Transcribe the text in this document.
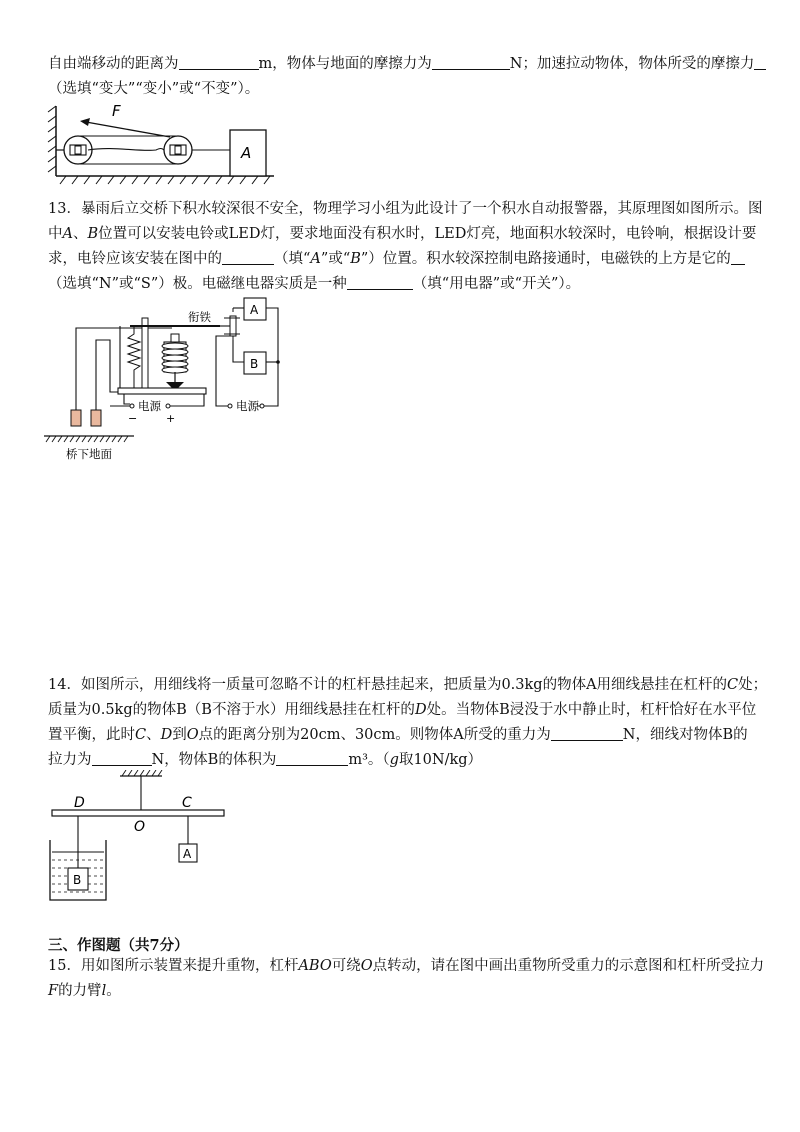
自由端移动的距离为	m，物体与地面的摩擦力为	N；加速拉动物体，物体所受的摩擦力
（选填“变大”“变小”或“不变”）。
F
A
13．暴雨后立交桥下积水较深很不安全，物理学习小组为此设计了一个积水自动报警器，其原理图如图所示。图
中A、B位置可以安装电铃或LED灯，要求地面没有积水时，LED灯亮，地面积水较深时，电铃响，根据设计要
求，电铃应该安装在图中的	（填“A”或“B”）位置。积水较深控制电路接通时，电磁铁的上方是它的
（选填“N”或“S”）极。电磁继电器实质是一种	（填“用电器”或“开关”）。
桥下地面
衔铁	A
B
电源
−	+
电源
14．如图所示，用细线将一质量可忽略不计的杠杆悬挂起来，把质量为0.3kg的物体A用细线悬挂在杠杆的C处；
质量为0.5kg的物体B（B不溶于水）用细线悬挂在杠杆的D处。当物体B浸没于水中静止时，杠杆恰好在水平位
置平衡，此时C、D到O点的距离分别为20cm、30cm。则物体A所受的重力为	N，细线对物体B的
拉力为	N，物体B的体积为	m³。（g取10N/kg）
D
O
C
A
B
三、作图题（共7分）
15．用如图所示装置来提升重物，杠杆ABO可绕O点转动，请在图中画出重物所受重力的示意图和杠杆所受拉力
F的力臂l。
